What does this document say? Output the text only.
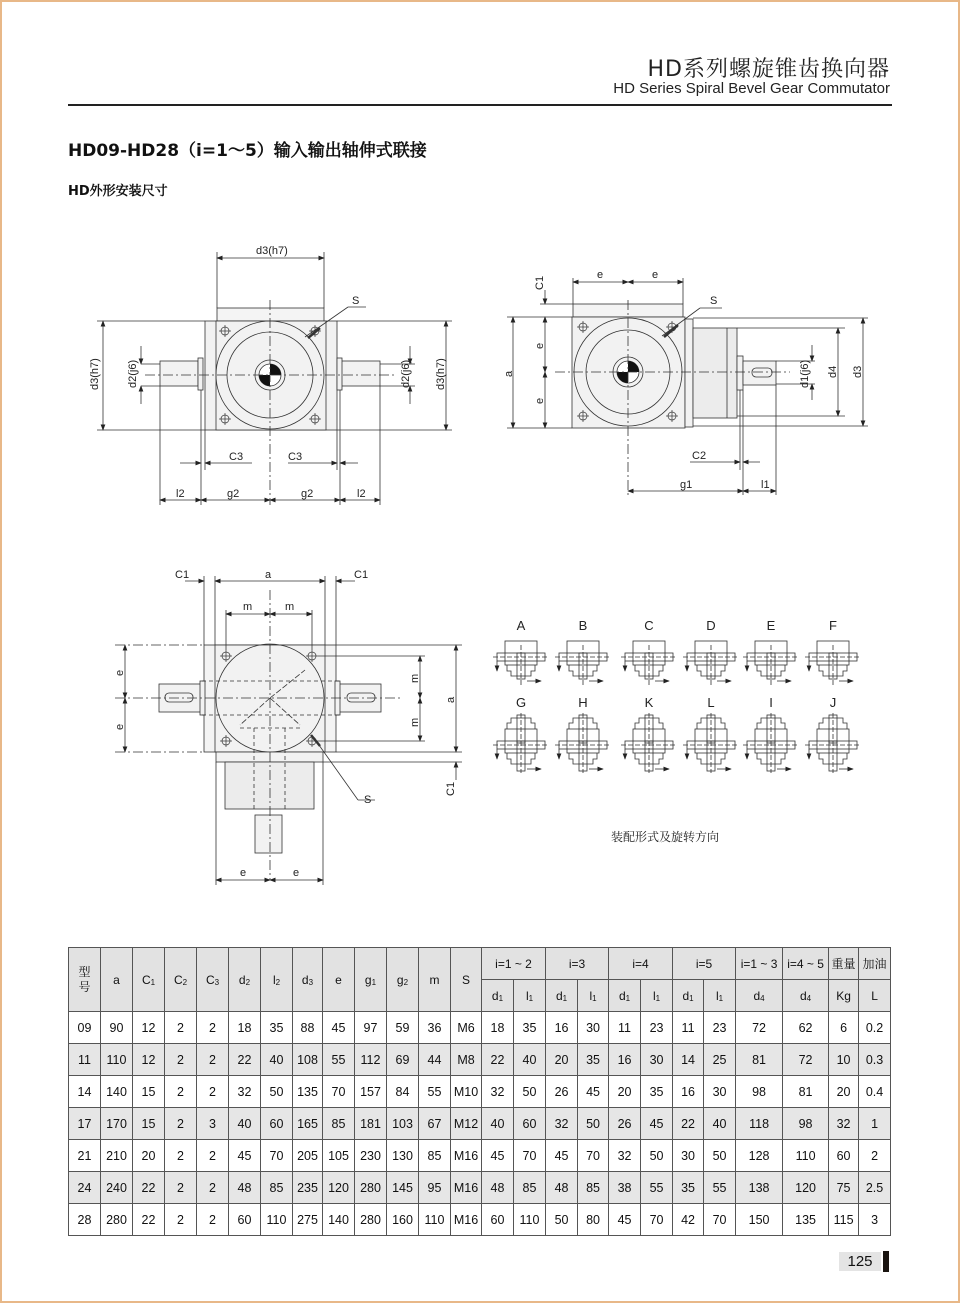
HD系列螺旋锥齿换向器
HD Series Spiral Bevel Gear Commutator
HD09-HD28（i=1～5）输入输出轴伸式联接
HD外形安装尺寸
d3(h7)
S
d3(h7) d2(j6)	d2(j6) d3(h7)
C3	C3
l2	g2	g2	l2
C1
e	e
S
a
e
e
d1(j6) d4 d3
C2
g1	l1
C1	a	C1
m	m
e
e
m
m
a
C1
S
e	e
A	B	C	D	E	F
G	H	K	L	I	J
装配形式及旋转方向
型
号	a	$C_1$	$C_2$	$C_3$	$d_2$	$l_2$	$d_3$	e	$g_1$	$g_2$	m	S	i=1 ~ 2		i=3		i=4		i=5		i=1 ~ 3	i=4 ~ 5	重量	加油
													$d_1$	$l_1$	$d_1$	$l_1$	$d_1$	$l_1$	$d_1$	$l_1$	$d_4$	$d_4$	Kg	L
09	90	12	2	2	18	35	88	45	97	59	36	M6	18	35	16	30	11	23	11	23	72	62	6	0.2
11	110	12	2	2	22	40	108	55	112	69	44	M8	22	40	20	35	16	30	14	25	81	72	10	0.3
14	140	15	2	2	32	50	135	70	157	84	55	M10	32	50	26	45	20	35	16	30	98	81	20	0.4
17	170	15	2	3	40	60	165	85	181	103	67	M12	40	60	32	50	26	45	22	40	118	98	32	1
21	210	20	2	2	45	70	205	105	230	130	85	M16	45	70	45	70	32	50	30	50	128	110	60	2
24	240	22	2	2	48	85	235	120	280	145	95	M16	48	85	48	85	38	55	35	55	138	120	75	2.5
28	280	22	2	2	60	110	275	140	280	160	110	M16	60	110	50	80	45	70	42	70	150	135	115	3
125
